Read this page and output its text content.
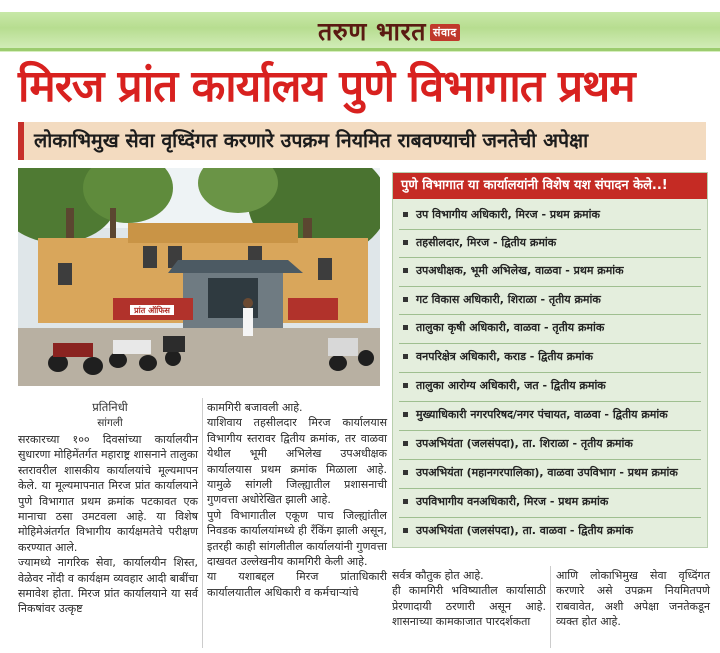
तरुण भारत संवाद
मिरज प्रांत कार्यालय पुणे विभागात प्रथम
लोकाभिमुख सेवा वृध्दिंगत करणारे उपक्रम नियमित राबवण्याची जनतेची अपेक्षा
प्रांत ऑफिस
पुणे विभागात या कार्यालयांनी विशेष यश संपादन केले..!
उप विभागीय अधिकारी, मिरज - प्रथम क्रमांक
तहसीलदार, मिरज - द्वितीय क्रमांक
उपअधीक्षक, भूमी अभिलेख, वाळवा - प्रथम क्रमांक
गट विकास अधिकारी, शिराळा - तृतीय क्रमांक
तालुका कृषी अधिकारी, वाळवा - तृतीय क्रमांक
वनपरिक्षेत्र अधिकारी, कराड - द्वितीय क्रमांक
तालुका आरोग्य अधिकारी, जत - द्वितीय क्रमांक
मुख्याधिकारी नगरपरिषद/नगर पंचायत, वाळवा - द्वितीय क्रमांक
उपअभियंता (जलसंपदा), ता. शिराळा - तृतीय क्रमांक
उपअभियंता (महानगरपालिका), वाळवा उपविभाग - प्रथम क्रमांक
उपविभागीय वनअधिकारी, मिरज - प्रथम क्रमांक
उपअभियंता (जलसंपदा), ता. वाळवा - द्वितीय क्रमांक
प्रतिनिधी
सांगली
सरकारच्या १०० दिवसांच्या कार्यालयीन सुधारणा मोहिमेंतर्गत महाराष्ट्र शासनाने तालुका स्तरावरील शासकीय कार्यालयांचे मूल्यमापन केले. या मूल्यमापनात मिरज प्रांत कार्यालयाने पुणे विभागात प्रथम क्रमांक पटकावत एक मानाचा ठसा उमटवला आहे. या विशेष मोहिमेअंतर्गत विभागीय कार्यक्षमतेचे परीक्षण करण्यात आले.
ज्यामध्ये नागरिक सेवा, कार्यालयीन शिस्त, वेळेवर नोंदी व कार्यक्षम व्यवहार आदी बाबींचा समावेश होता. मिरज प्रांत कार्यालयाने या सर्व निकषांवर उत्कृष्ट
कामगिरी बजावली आहे.
याशिवाय तहसीलदार मिरज कार्यालयास विभागीय स्तरावर द्वितीय क्रमांक, तर वाळवा येथील भूमी अभिलेख उपअधीक्षक कार्यालयास प्रथम क्रमांक मिळाला आहे. यामुळे सांगली जिल्ह्यातील प्रशासनाची गुणवत्ता अधोरेखित झाली आहे.
पुणे विभागातील एकूण पाच जिल्ह्यांतील निवडक कार्यालयांमध्ये ही रँकिंग झाली असून, इतरही काही सांगलीतील कार्यालयांनी गुणवत्ता दाखवत उल्लेखनीय कामगिरी केली आहे.
या यशाबद्दल मिरज प्रांताधिकारी कार्यालयातील अधिकारी व कर्मचाऱ्यांचे
सर्वत्र कौतुक होत आहे.
ही कामगिरी भविष्यातील कार्यासाठी प्रेरणादायी ठरणारी असून आहे. शासनाच्या कामकाजात पारदर्शकता
आणि लोकाभिमुख सेवा वृध्दिंगत करणारे असे उपक्रम नियमितपणे राबवावेत, अशी अपेक्षा जनतेकडून व्यक्त होत आहे.
